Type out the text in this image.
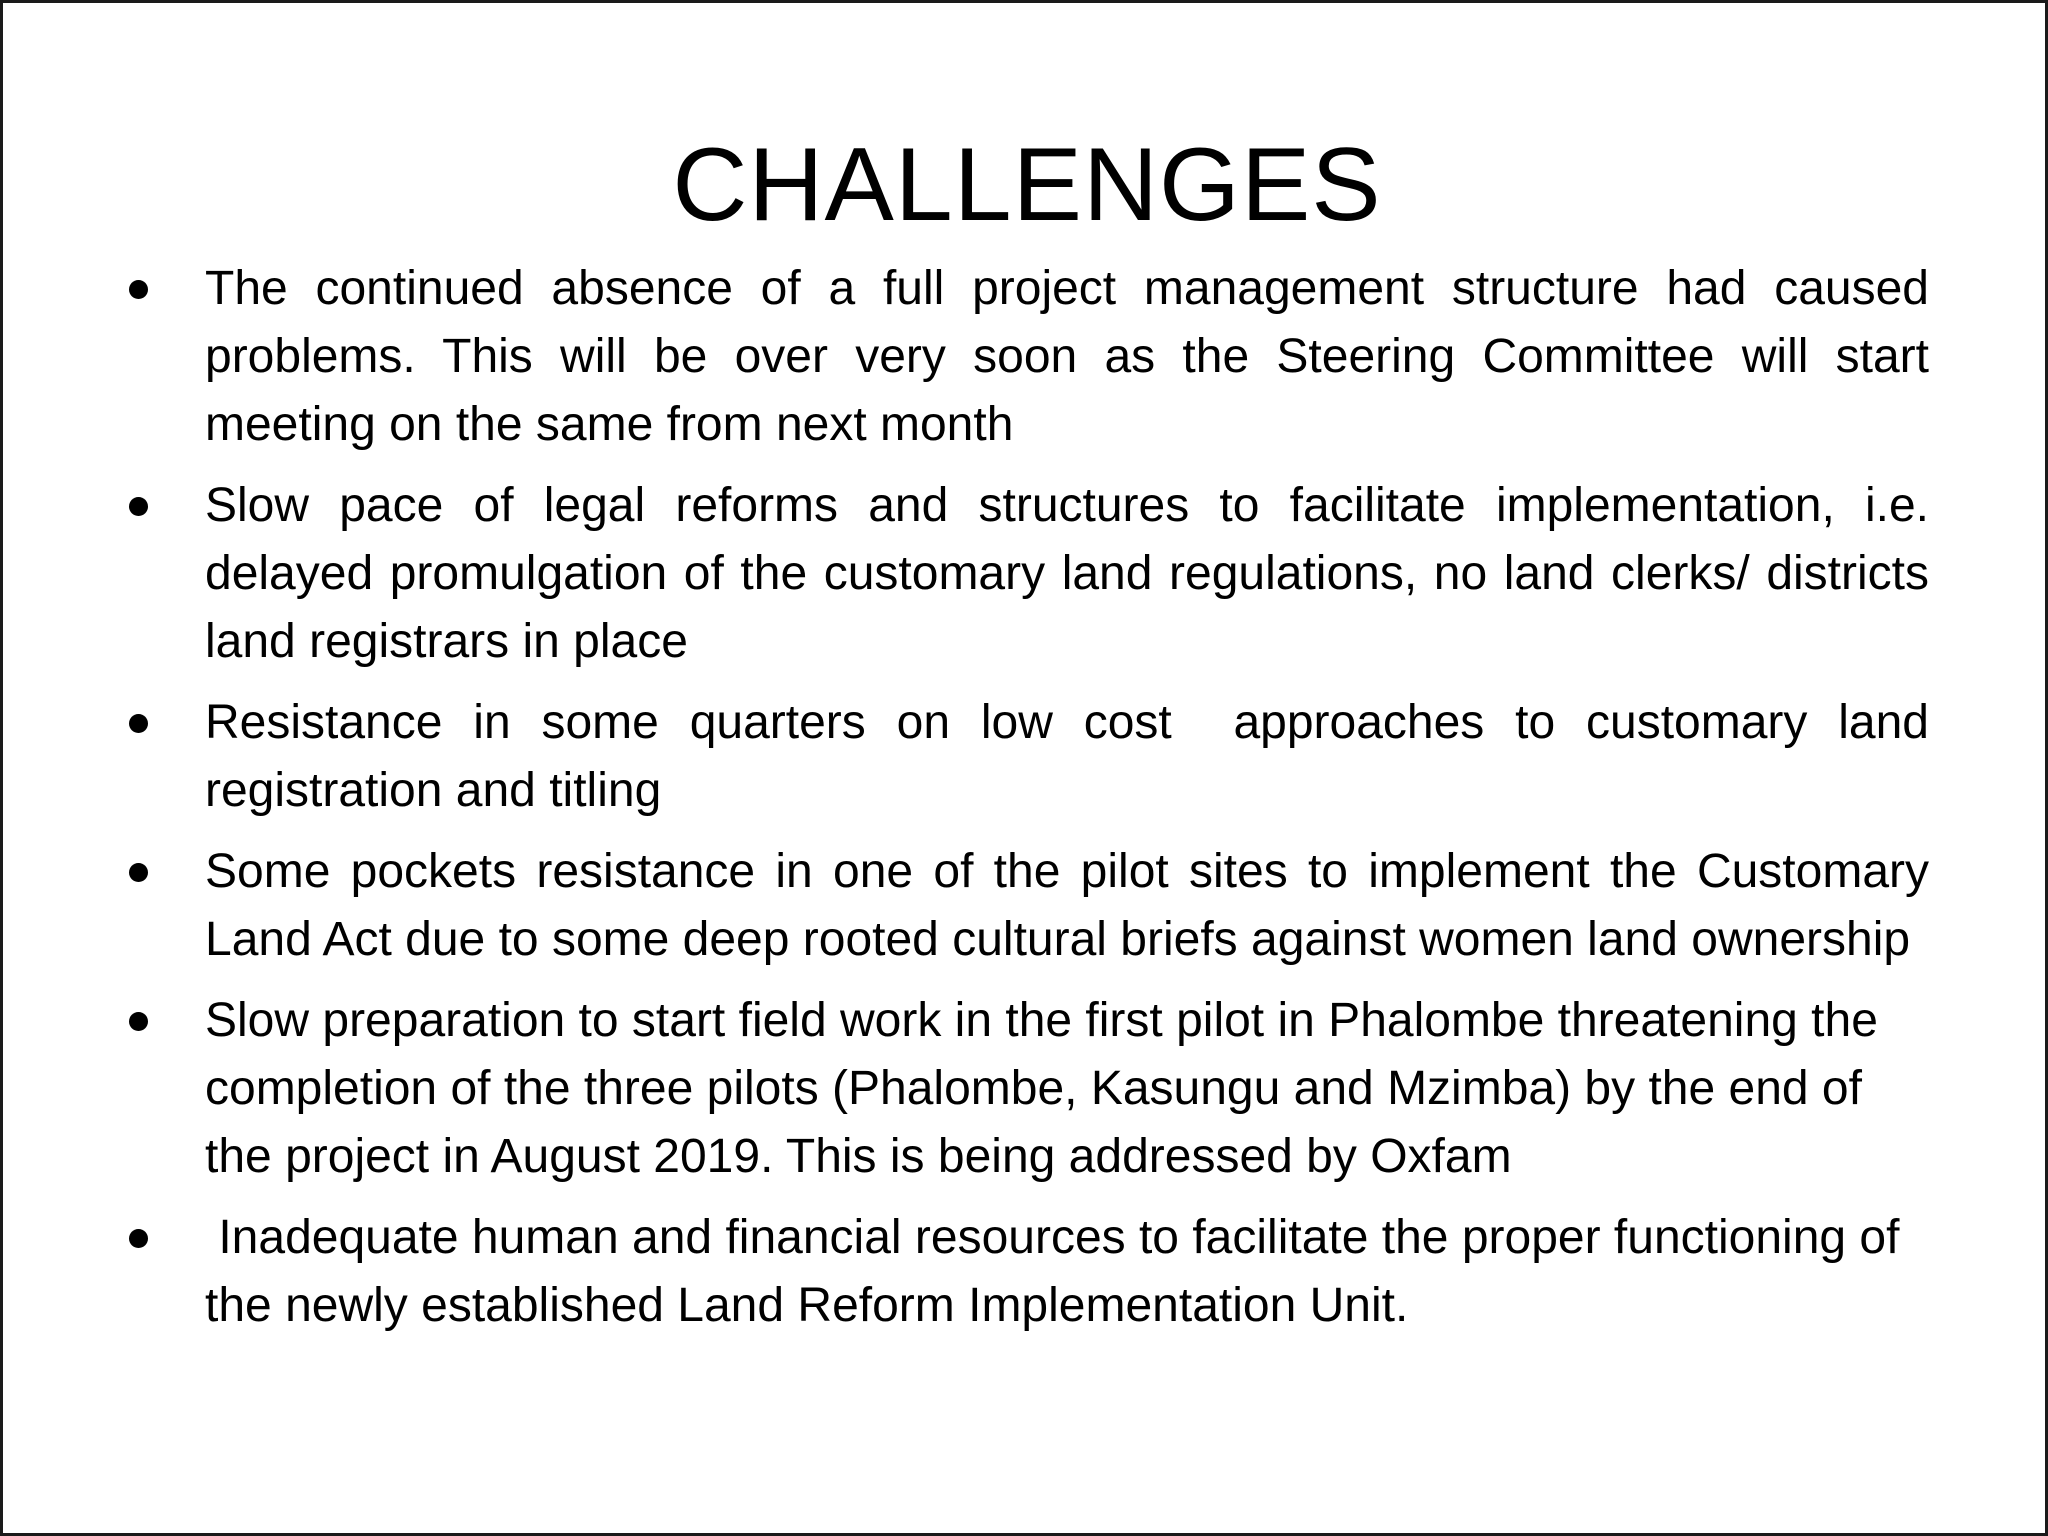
CHALLENGES
The continued absence of a full project management structure had caused problems. This will be over very soon as the Steering Committee will start meeting on the same from next month
Slow pace of legal reforms and structures to facilitate implementation, i.e. delayed promulgation of the customary land regulations, no land clerks/ districts land registrars in place
Resistance in some quarters on low cost  approaches to customary land registration and titling
Some pockets resistance in one of the pilot sites to implement the Customary Land Act due to some deep rooted cultural briefs against women land ownership
Slow preparation to start field work in the first pilot in Phalombe threatening the completion of the three pilots (Phalombe, Kasungu and Mzimba) by the end of the project in August 2019. This is being addressed by Oxfam
Inadequate human and financial resources to facilitate the proper functioning of the newly established Land Reform Implementation Unit.
